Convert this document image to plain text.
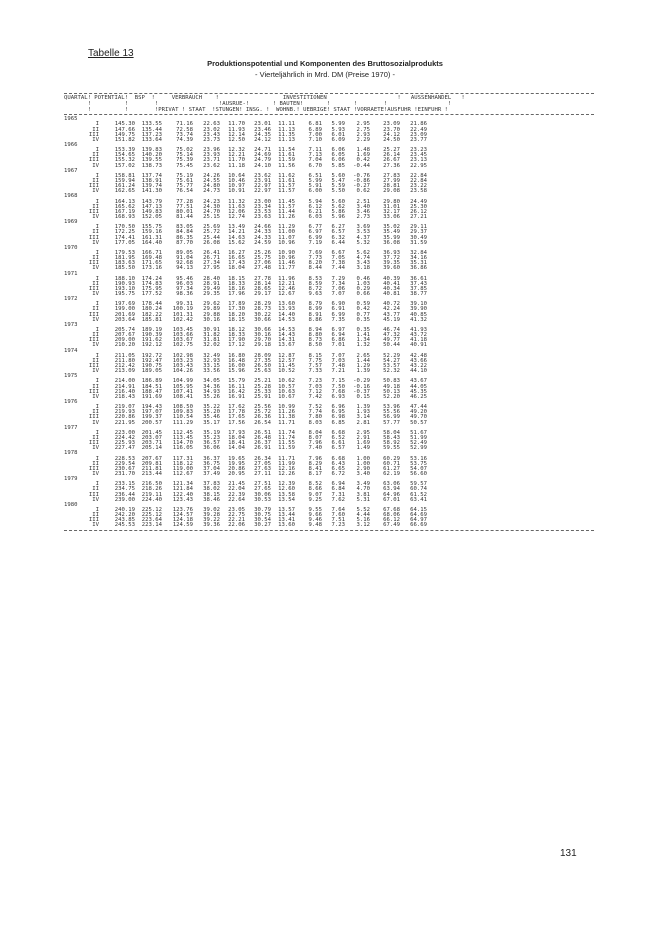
Tabelle 13
Produktionspotential und Komponenten des Bruttosozialprodukts
- Vierteljährlich in Mrd. DM (Preise 1970) -
QUARTAL! POTENTIAL!  BSP  !     VERBRAUCH    !                   INVESTITIONEN                     !   AUSSENHANDEL   !
!          !        !                  !AUSRUE-!       ! BAUTEN!       !       !        !                  !
!          !        !PRIVAT ! STAAT  !STUNGEN! INSG. !  WOHNB.! UEBRIGE! STAAT !VORRAETE!AUSFUHR !EINFUHR !
1965
I	145.30	133.55	71.16	22.63	11.70	23.01	11.11	6.81	5.99	2.95	23.09	21.86
II	147.66	135.44	72.58	23.02	11.93	23.46	11.13	6.89	5.93	2.75	23.70	22.49
III	149.75	137.23	73.74	23.43	12.14	24.35	11.35	7.00	6.01	2.93	24.12	23.09
IV	151.82	133.64	74.39	23.73	12.50	24.12	11.13	7.10	6.09	2.29	24.50	23.77
1966
I	153.39	139.83	75.02	23.96	12.32	24.71	11.54	7.11	6.06	1.48	25.27	23.23
II	154.65	140.20	75.14	23.93	12.21	24.69	11.61	7.13	6.05	1.69	26.14	23.45
III	155.32	139.55	75.39	23.71	11.70	24.79	11.59	7.04	6.06	0.42	26.67	23.13
IV	157.02	138.73	75.45	23.62	11.18	24.10	11.56	6.70	5.85	-0.44	27.36	22.95
1967
I	158.81	137.74	75.19	24.26	10.64	23.62	11.62	6.51	5.60	-0.76	27.83	22.84
II	159.94	138.91	75.61	24.55	10.46	23.91	11.61	5.99	5.47	-0.86	27.99	22.84
III	161.24	139.74	75.77	24.80	10.97	22.97	11.57	5.91	5.59	-0.27	28.81	23.22
IV	162.65	141.30	76.54	24.73	10.91	22.97	11.57	6.00	5.50	0.62	29.08	23.58
1968
I	164.13	143.79	77.28	24.23	11.32	23.00	11.45	5.94	5.60	2.51	29.80	24.49
II	165.62	147.13	77.51	24.30	11.63	23.34	11.57	6.12	5.62	3.40	31.01	25.30
III	167.19	149.83	80.01	24.70	12.06	23.53	11.44	6.21	5.86	3.46	32.17	26.12
IV	168.93	152.05	81.44	25.15	12.74	23.63	11.26	6.03	5.96	2.73	33.06	27.21
1969
I	170.50	155.75	83.05	25.69	13.49	24.66	11.29	6.77	6.27	3.69	35.02	29.11
II	172.25	159.16	84.84	25.72	14.21	24.33	11.00	6.97	6.57	3.53	35.49	29.37
III	174.41	161.31	86.35	25.44	14.63	24.33	11.07	6.99	6.32	4.37	35.99	30.49
IV	177.05	164.40	87.70	26.08	15.62	24.59	10.96	7.19	6.44	5.32	36.08	31.59
1970
I	179.53	166.71	89.05	26.41	16.27	25.26	10.90	7.69	6.67	5.62	36.93	32.84
II	181.95	169.48	91.04	26.71	16.65	25.75	10.96	7.73	7.05	4.74	37.72	34.16
III	183.63	171.65	92.68	27.34	17.43	27.06	11.46	8.20	7.38	3.43	39.35	35.31
IV	185.50	173.16	94.13	27.95	18.04	27.48	11.77	8.44	7.44	3.18	39.60	36.86
1971
I	188.10	174.24	95.46	28.40	18.15	27.78	11.96	8.53	7.29	0.46	40.39	36.61
II	190.93	174.83	96.03	28.91	18.33	28.14	12.21	8.59	7.34	1.03	40.41	37.43
III	193.10	175.95	97.34	29.49	18.16	28.65	12.46	8.72	7.06	0.29	40.34	37.85
IV	195.75	177.52	98.36	29.35	17.96	29.17	12.67	9.63	7.07	0.66	40.81	38.77
1972
I	197.69	178.44	99.31	29.62	17.89	28.29	13.60	8.79	6.90	0.59	40.72	39.10
II	199.00	180.24	100.19	29.89	17.30	28.73	13.93	8.99	6.91	0.42	42.24	39.90
III	201.69	182.22	101.31	29.88	18.20	30.22	14.40	8.91	6.99	0.77	43.77	40.85
IV	203.64	185.81	102.42	30.16	18.15	30.66	14.53	8.86	7.35	0.35	45.19	41.32
1973
I	205.74	189.19	103.45	30.91	18.12	30.66	14.53	8.94	6.97	0.35	46.74	41.93
II	207.67	190.39	103.66	31.82	18.33	30.16	14.43	8.80	6.94	1.41	47.32	43.72
III	209.00	191.62	103.67	31.81	17.90	29.70	14.31	8.73	6.86	1.34	49.77	41.18
IV	210.20	192.12	102.75	32.02	17.12	29.18	13.67	8.50	7.01	1.32	50.44	40.91
1974
I	211.05	192.72	102.98	32.49	16.80	28.09	12.87	8.15	7.07	2.65	52.29	42.48
II	211.80	192.47	103.23	32.93	16.48	27.35	12.57	7.75	7.03	1.44	54.27	43.66
III	212.42	190.75	103.43	33.15	16.00	26.50	11.45	7.57	7.48	1.29	53.57	43.22
IV	213.09	189.05	104.26	33.56	15.96	25.63	10.52	7.33	7.21	1.39	52.32	44.10
1975
I	214.00	186.89	104.99	34.05	15.79	25.21	10.62	7.23	7.15	-0.29	50.83	43.67
II	214.91	184.51	105.95	34.36	16.11	25.28	10.57	7.03	7.50	-0.16	49.18	44.05
III	216.40	188.47	107.41	34.93	16.42	25.33	10.63	7.12	7.68	-0.37	50.13	45.35
IV	218.43	191.69	108.41	35.26	16.91	25.91	10.67	7.42	6.93	0.15	52.20	46.25
1976
I	219.07	194.43	108.50	35.22	17.62	25.56	10.99	7.52	6.96	1.39	53.96	47.44
II	219.93	197.07	109.83	35.20	17.78	25.72	11.26	7.74	6.95	1.93	55.56	49.20
III	220.86	199.37	110.54	35.46	17.65	26.36	11.38	7.80	6.98	3.14	56.99	49.70
IV	221.95	200.57	111.29	35.17	17.56	26.54	11.71	8.03	6.85	2.81	57.77	50.57
1977
I	223.00	201.45	112.45	35.19	17.93	26.51	11.74	8.04	6.68	2.95	58.04	51.67
II	224.42	203.07	113.45	35.23	18.04	26.48	11.74	8.07	6.52	2.91	58.43	51.99
III	225.93	203.71	114.70	36.57	18.41	26.37	11.55	7.96	6.61	1.69	58.92	52.49
IV	227.47	205.14	116.05	36.06	14.04	26.91	11.59	7.40	6.57	1.49	59.55	52.99
1978
I	228.53	207.67	117.31	36.37	19.65	26.34	11.71	7.96	6.68	1.00	60.29	53.16
II	229.54	209.81	118.12	36.75	19.95	27.05	11.99	8.29	6.43	1.00	60.71	53.75
III	230.67	211.81	119.00	37.04	20.86	27.63	12.16	8.41	6.65	2.90	61.27	54.07
IV	231.70	213.44	112.67	37.49	20.95	27.11	12.26	8.17	6.72	3.40	62.19	56.60
1979
I	233.15	216.50	121.34	37.83	21.45	27.51	12.39	8.52	6.94	3.49	63.06	59.57
II	234.75	218.26	121.84	38.02	22.04	27.65	12.60	8.66	6.84	4.70	63.94	60.74
III	236.44	219.11	122.40	38.15	22.39	30.06	13.58	9.07	7.31	3.81	64.96	61.52
IV	239.00	224.40	123.43	38.46	22.64	30.53	13.54	9.25	7.62	5.31	67.01	63.41
1980
I	240.19	225.12	123.76	39.02	23.05	30.79	13.57	9.55	7.64	5.52	67.68	64.15
II	242.20	225.12	124.57	39.28	22.75	30.75	13.44	9.66	7.60	4.44	68.06	64.69
III	243.85	223.64	124.18	39.22	22.21	30.54	13.41	9.46	7.51	5.16	66.12	64.97
IV	245.53	223.14	124.59	39.36	22.06	30.27	13.60	9.48	7.23	3.12	67.49	66.69
131
